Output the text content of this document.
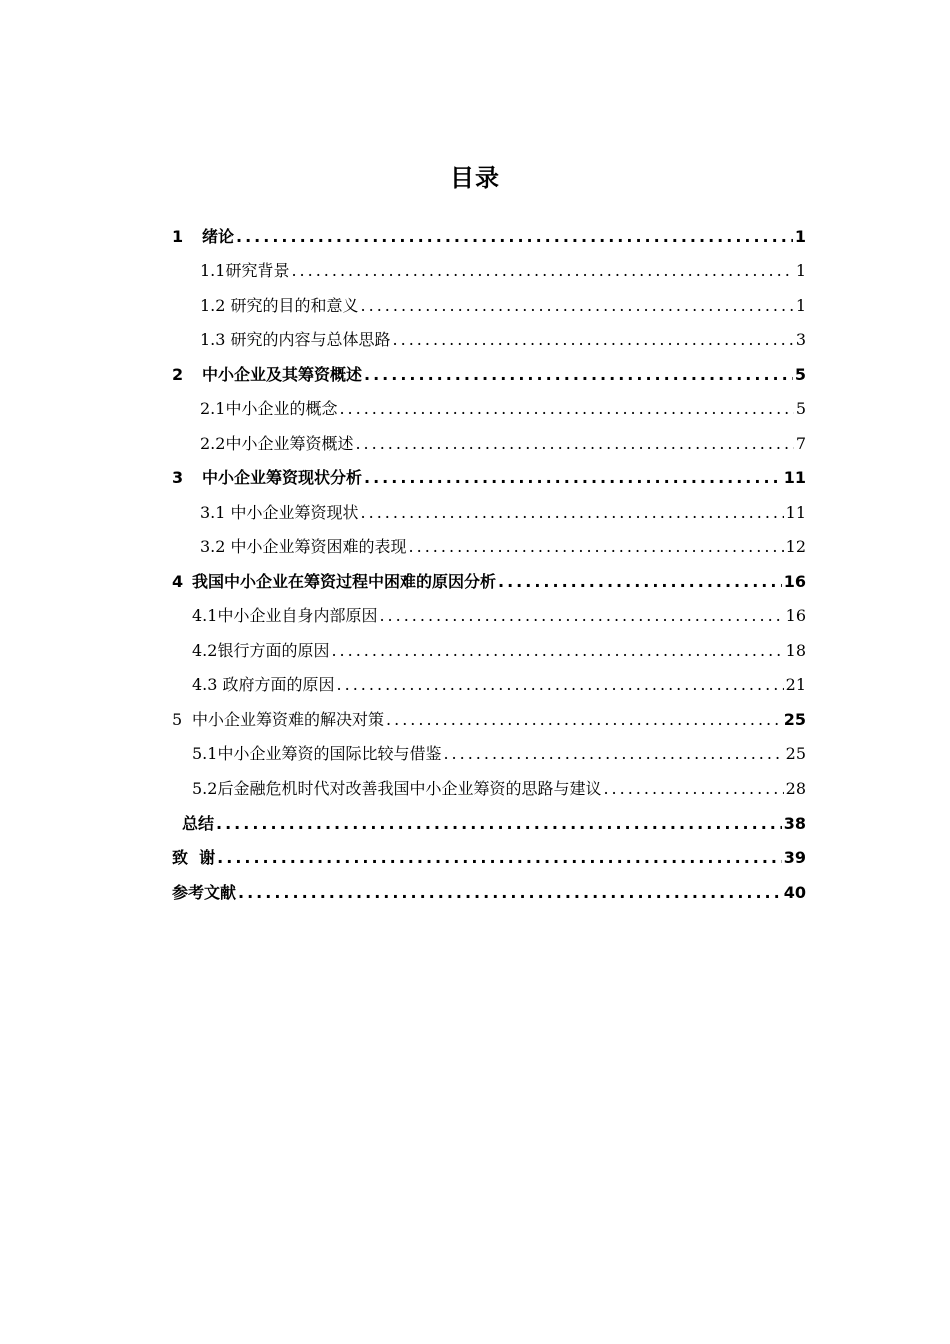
目录
1	绪论 .....	1
1.1研究背景 .....	1
1.2 研究的目的和意义 .....	1
1.3 研究的内容与总体思路 .....	3
2	中小企业及其筹资概述 .....	5
2.1中小企业的概念 .....	5
2.2中小企业筹资概述 .....	7
3	中小企业筹资现状分析 .....	11
3.1 中小企业筹资现状 .....	11
3.2 中小企业筹资困难的表现 .....	12
4 我国中小企业在筹资过程中困难的原因分析 .....	16
4.1中小企业自身内部原因 .....	16
4.2银行方面的原因 .....	18
4.3 政府方面的原因 .....	21
5 中小企业筹资难的解决对策 .....	25
5.1中小企业筹资的国际比较与借鉴 .....	25
5.2后金融危机时代对改善我国中小企业筹资的思路与建议 .....	28
总结 .....	38
致  谢 .....	39
参考文献 .....	40
